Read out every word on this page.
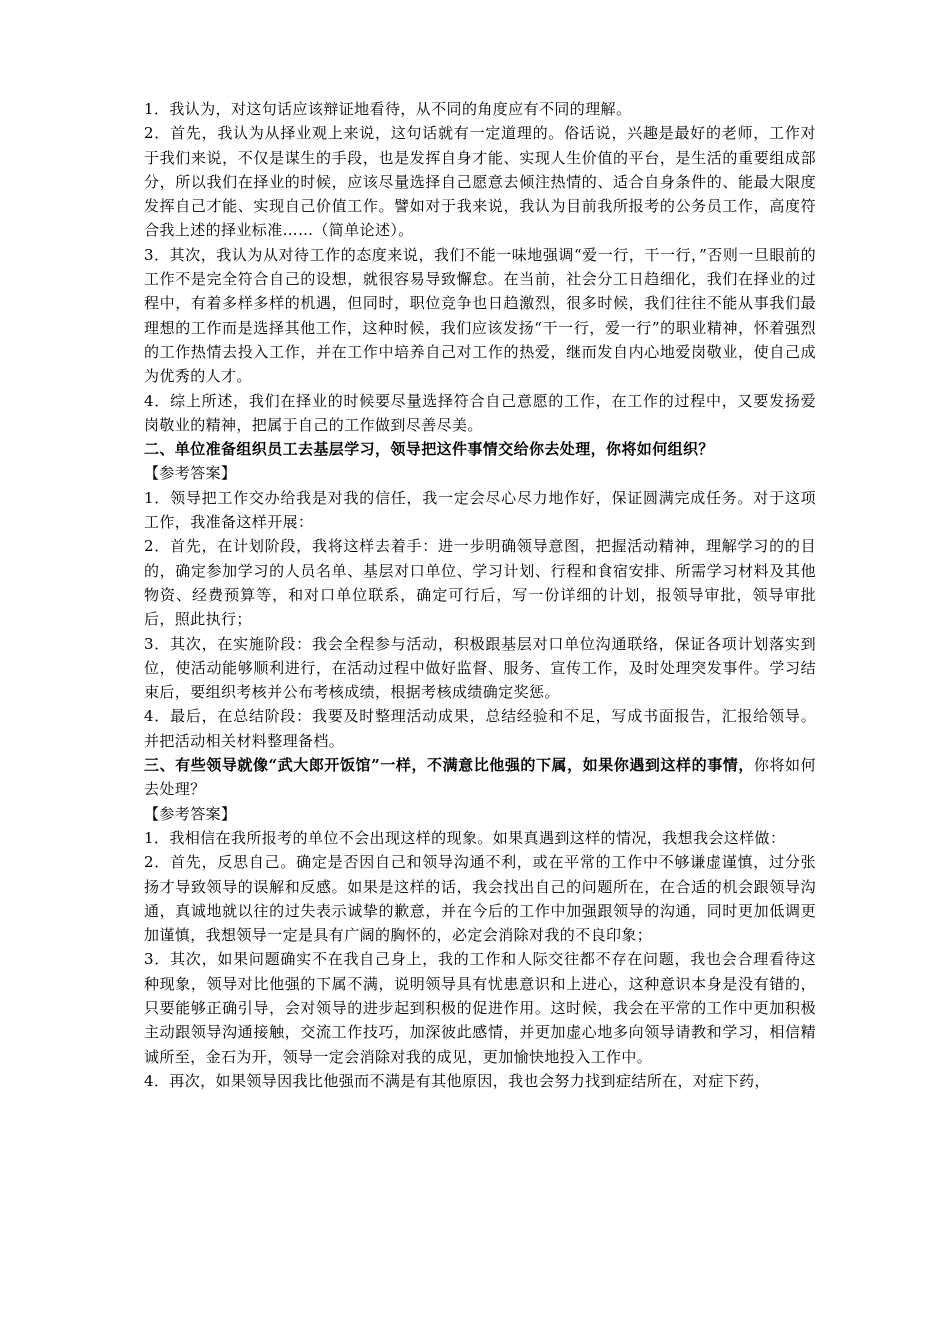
1．我认为，对这句话应该辩证地看待，从不同的角度应有不同的理解。

2．首先，我认为从择业观上来说，这句话就有一定道理的。俗话说，兴趣是最好的老师，工作对于我们来说，不仅是谋生的手段，也是发挥自身才能、实现人生价值的平台，是生活的重要组成部分，所以我们在择业的时候，应该尽量选择自己愿意去倾注热情的、适合自身条件的、能最大限度发挥自己才能、实现自己价值工作。譬如对于我来说，我认为目前我所报考的公务员工作，高度符合我上述的择业标准……（简单论述）。

3．其次，我认为从对待工作的态度来说，我们不能一味地强调“爱一行，干一行，”否则一旦眼前的工作不是完全符合自己的设想，就很容易导致懈怠。在当前，社会分工日趋细化，我们在择业的过程中，有着多样多样的机遇，但同时，职位竞争也日趋激烈，很多时候，我们往往不能从事我们最理想的工作而是选择其他工作，这种时候，我们应该发扬“干一行，爱一行”的职业精神，怀着强烈的工作热情去投入工作，并在工作中培养自己对工作的热爱，继而发自内心地爱岗敬业，使自己成为优秀的人才。

4．综上所述，我们在择业的时候要尽量选择符合自己意愿的工作，在工作的过程中，又要发扬爱岗敬业的精神，把属于自己的工作做到尽善尽美。

二、单位准备组织员工去基层学习，领导把这件事情交给你去处理，你将如何组织？

【参考答案】

1．领导把工作交办给我是对我的信任，我一定会尽心尽力地作好，保证圆满完成任务。对于这项工作，我准备这样开展：

2．首先，在计划阶段，我将这样去着手：进一步明确领导意图，把握活动精神，理解学习的的目的，确定参加学习的人员名单、基层对口单位、学习计划、行程和食宿安排、所需学习材料及其他物资、经费预算等，和对口单位联系，确定可行后，写一份详细的计划，报领导审批，领导审批后，照此执行；

3．其次，在实施阶段：我会全程参与活动，积极跟基层对口单位沟通联络，保证各项计划落实到位，使活动能够顺利进行，在活动过程中做好监督、服务、宣传工作，及时处理突发事件。学习结束后，要组织考核并公布考核成绩，根据考核成绩确定奖惩。

4．最后，在总结阶段：我要及时整理活动成果，总结经验和不足，写成书面报告，汇报给领导。并把活动相关材料整理备档。

三、有些领导就像“武大郎开饭馆”一样，不满意比他强的下属，如果你遇到这样的事情，你将如何去处理？

【参考答案】

1．我相信在我所报考的单位不会出现这样的现象。如果真遇到这样的情况，我想我会这样做：

2．首先，反思自己。确定是否因自己和领导沟通不利，或在平常的工作中不够谦虚谨慎，过分张扬才导致领导的误解和反感。如果是这样的话，我会找出自己的问题所在，在合适的机会跟领导沟通，真诚地就以往的过失表示诚挚的歉意，并在今后的工作中加强跟领导的沟通，同时更加低调更加谨慎，我想领导一定是具有广阔的胸怀的，必定会消除对我的不良印象；

3．其次，如果问题确实不在我自己身上，我的工作和人际交往都不存在问题，我也会合理看待这种现象，领导对比他强的下属不满，说明领导具有忧患意识和上进心，这种意识本身是没有错的，只要能够正确引导，会对领导的进步起到积极的促进作用。这时候，我会在平常的工作中更加积极主动跟领导沟通接触，交流工作技巧，加深彼此感情，并更加虚心地多向领导请教和学习，相信精诚所至，金石为开，领导一定会消除对我的成见，更加愉快地投入工作中。

4．再次，如果领导因我比他强而不满是有其他原因，我也会努力找到症结所在，对症下药，
